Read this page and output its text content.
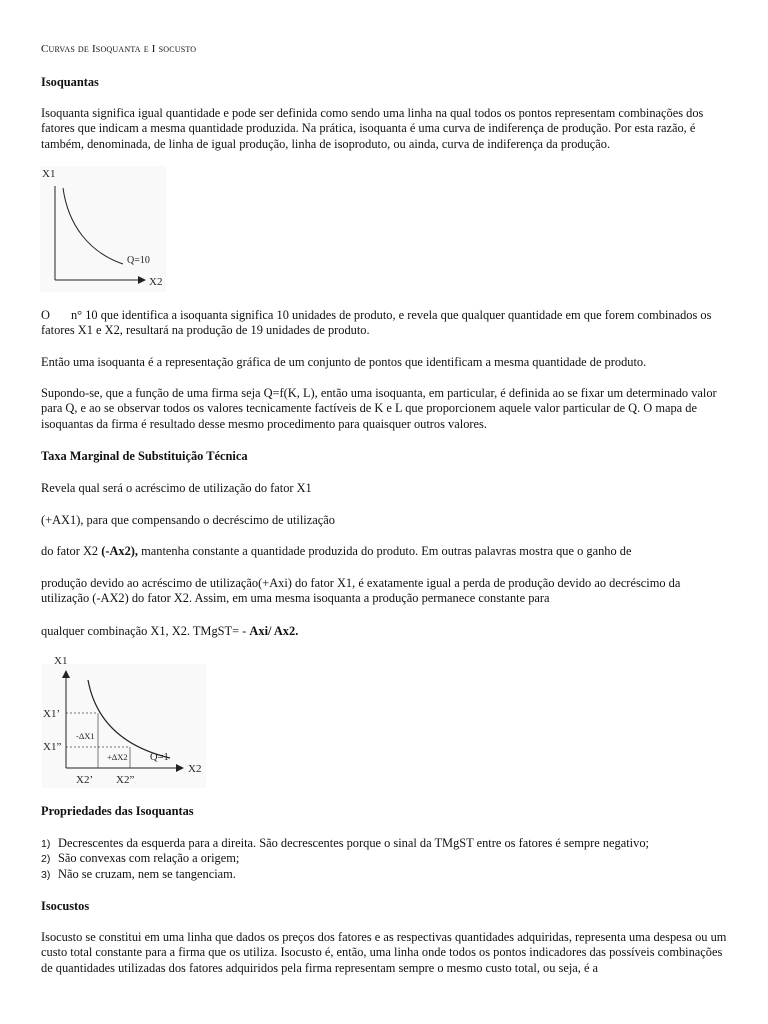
Curvas de Isoquanta e I socusto
Isoquantas

Isoquanta significa igual quantidade e pode ser definida como sendo uma linha na qual todos os pontos representam combinações dos fatores que indicam a mesma quantidade produzida. Na prática, isoquanta é uma curva de indiferença de produção. Por esta razão, é também, denominada, de linha de igual produção, linha de isoproduto, ou ainda, curva de indiferença da produção.

X1
Q=10
X2
O n° 10 que identifica a isoquanta significa 10 unidades de produto, e revela que qualquer quantidade em que forem combinados os fatores X1 e X2, resultará na produção de 19 unidades de produto.

Então uma isoquanta é a representação gráfica de um conjunto de pontos que identificam a mesma quantidade de produto.

Supondo-se, que a função de uma firma seja Q=f(K, L), então uma isoquanta, em particular, é definida ao se fixar um determinado valor para Q, e ao se observar todos os valores tecnicamente factíveis de K e L que proporcionem aquele valor particular de Q. O mapa de isoquantas da firma é resultado desse mesmo procedimento para quaisquer outros valores.

Taxa Marginal de Substituição Técnica
Revela qual será o acréscimo de utilização do fator X1
(+AX1), para que compensando o decréscimo de utilização
do fator X2 (-Ax2), mantenha constante a quantidade produzida do produto. Em outras palavras mostra que o ganho de

produção devido ao acréscimo de utilização(+Axi) do fator X1, é exatamente igual a perda de produção devido ao decréscimo da utilização (-AX2) do fator X2. Assim, em uma mesma isoquanta a produção permanece constante para

qualquer combinação X1, X2. TMgST= - Axi/ Ax2.
X1
X1’
X1”
-ΔX1
+ΔX2 Q=1
X2’ X2”
X2
Propriedades das Isoquantas
1) Decrescentes da esquerda para a direita. São decrescentes porque o sinal da TMgST entre os fatores é sempre negativo;
2) São convexas com relação a origem;
3) Não se cruzam, nem se tangenciam.
Isocustos

Isocusto se constitui em uma linha que dados os preços dos fatores e as respectivas quantidades adquiridas, representa uma despesa ou um custo total constante para a firma que os utiliza. Isocusto é, então, uma linha onde todos os pontos indicadores das possíveis combinações de quantidades utilizadas dos fatores adquiridos pela firma representam sempre o mesmo custo total, ou seja, é a
